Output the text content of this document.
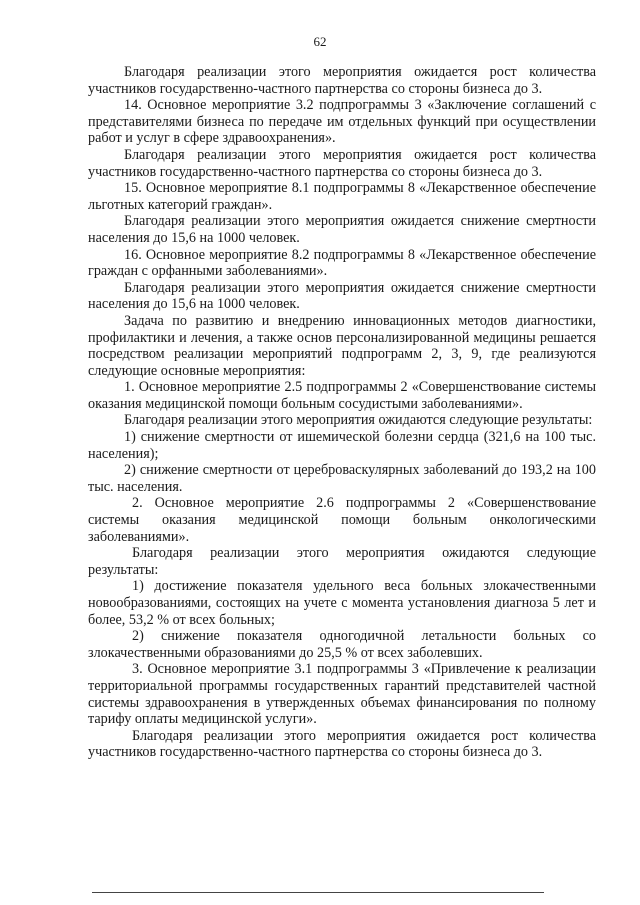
62

Благодаря реализации этого мероприятия ожидается рост количества участников государственно-частного партнерства со стороны бизнеса до 3.

14. Основное мероприятие 3.2 подпрограммы 3 «Заключение соглашений с представителями бизнеса по передаче им отдельных функций при осуществлении работ и услуг в сфере здравоохранения».

Благодаря реализации этого мероприятия ожидается рост количества участников государственно-частного партнерства со стороны бизнеса до 3.

15. Основное мероприятие 8.1 подпрограммы 8 «Лекарственное обеспечение льготных категорий граждан».

Благодаря реализации этого мероприятия ожидается снижение смертности населения до 15,6 на 1000 человек.

16. Основное мероприятие 8.2 подпрограммы 8 «Лекарственное обеспечение граждан с орфанными заболеваниями».

Благодаря реализации этого мероприятия ожидается снижение смертности населения до 15,6 на 1000 человек.

Задача по развитию и внедрению инновационных методов диагностики, профилактики и лечения, а также основ персонализированной медицины решается посредством реализации мероприятий подпрограмм 2, 3, 9, где реализуются следующие основные мероприятия:

1. Основное мероприятие 2.5 подпрограммы 2 «Совершенствование системы оказания медицинской помощи больным сосудистыми заболеваниями».

Благодаря реализации этого мероприятия ожидаются следующие результаты:

1) снижение смертности от ишемической болезни сердца (321,6 на 100 тыс. населения);

2) снижение смертности от цереброваскулярных заболеваний до 193,2 на 100 тыс. населения.

2. Основное мероприятие 2.6 подпрограммы 2 «Совершенствование системы оказания медицинской помощи больным онкологическими заболеваниями».

Благодаря реализации этого мероприятия ожидаются следующие результаты:

1) достижение показателя удельного веса больных злокачественными новообразованиями, состоящих на учете с момента установления диагноза 5 лет и более, 53,2 % от всех больных;

2) снижение показателя одногодичной летальности больных со злокачественными образованиями до 25,5 % от всех заболевших.

3. Основное мероприятие 3.1 подпрограммы 3 «Привлечение к реализации территориальной программы государственных гарантий представителей частной системы здравоохранения в утвержденных объемах финансирования по полному тарифу оплаты медицинской услуги».

Благодаря реализации этого мероприятия ожидается рост количества участников государственно-частного партнерства со стороны бизнеса до 3.
